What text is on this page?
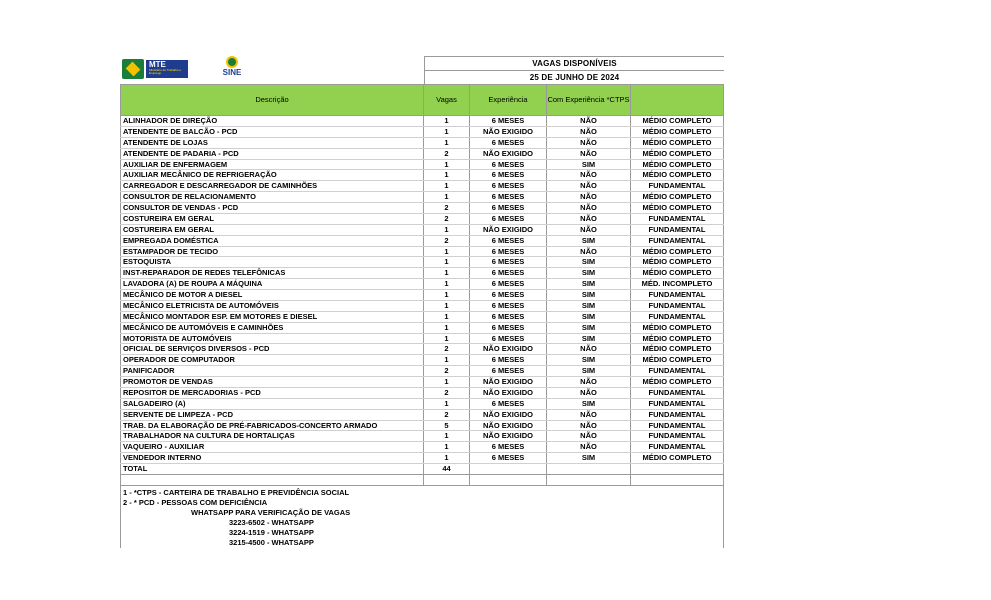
MTE
Ministério do Trabalho e Emprego	SINE
VAGAS DISPONÍVEIS
25 DE JUNHO DE 2024
Descrição	Vagas	Experiência	Com Experiência *CTPS
ALINHADOR DE DIREÇÃO	1	6 MESES	NÃO	MÉDIO COMPLETO
ATENDENTE DE BALCÃO - PCD	1	NÃO EXIGIDO	NÃO	MÉDIO COMPLETO
ATENDENTE DE LOJAS	1	6 MESES	NÃO	MÉDIO COMPLETO
ATENDENTE DE PADARIA - PCD	2	NÃO EXIGIDO	NÃO	MÉDIO COMPLETO
AUXILIAR DE ENFERMAGEM	1	6 MESES	SIM	MÉDIO COMPLETO
AUXILIAR MECÂNICO DE REFRIGERAÇÃO	1	6 MESES	NÃO	MÉDIO COMPLETO
CARREGADOR E DESCARREGADOR DE CAMINHÕES	1	6 MESES	NÃO	FUNDAMENTAL
CONSULTOR DE RELACIONAMENTO	1	6 MESES	NÃO	MÉDIO COMPLETO
CONSULTOR DE VENDAS - PCD	2	6 MESES	NÃO	MÉDIO COMPLETO
COSTUREIRA EM GERAL	2	6 MESES	NÃO	FUNDAMENTAL
COSTUREIRA EM GERAL	1	NÃO EXIGIDO	NÃO	FUNDAMENTAL
EMPREGADA DOMÉSTICA	2	6 MESES	SIM	FUNDAMENTAL
ESTAMPADOR DE TECIDO	1	6 MESES	NÃO	MÉDIO COMPLETO
ESTOQUISTA	1	6 MESES	SIM	MÉDIO COMPLETO
INST-REPARADOR DE REDES TELEFÔNICAS	1	6 MESES	SIM	MÉDIO COMPLETO
LAVADORA (A) DE ROUPA A MÁQUINA	1	6 MESES	SIM	MÉD. INCOMPLETO
MECÂNICO DE MOTOR A DIESEL	1	6 MESES	SIM	FUNDAMENTAL
MECÂNICO ELETRICISTA DE AUTOMÓVEIS	1	6 MESES	SIM	FUNDAMENTAL
MECÂNICO MONTADOR ESP. EM MOTORES E DIESEL	1	6 MESES	SIM	FUNDAMENTAL
MECÂNICO DE AUTOMÓVEIS E CAMINHÕES	1	6 MESES	SIM	MÉDIO COMPLETO
MOTORISTA DE AUTOMÓVEIS	1	6 MESES	SIM	MÉDIO COMPLETO
OFICIAL DE SERVIÇOS DIVERSOS - PCD	2	NÃO EXIGIDO	NÃO	MÉDIO COMPLETO
OPERADOR DE COMPUTADOR	1	6 MESES	SIM	MÉDIO COMPLETO
PANIFICADOR	2	6 MESES	SIM	FUNDAMENTAL
PROMOTOR DE VENDAS	1	NÃO EXIGIDO	NÃO	MÉDIO COMPLETO
REPOSITOR DE MERCADORIAS - PCD	2	NÃO EXIGIDO	NÃO	FUNDAMENTAL
SALGADEIRO (A)	1	6 MESES	SIM	FUNDAMENTAL
SERVENTE DE LIMPEZA - PCD	2	NÃO EXIGIDO	NÃO	FUNDAMENTAL
TRAB. DA ELABORAÇÃO DE PRÉ-FABRICADOS-CONCERTO ARMADO	5	NÃO EXIGIDO	NÃO	FUNDAMENTAL
TRABALHADOR NA CULTURA DE HORTALIÇAS	1	NÃO EXIGIDO	NÃO	FUNDAMENTAL
VAQUEIRO - AUXILIAR	1	6 MESES	NÃO	FUNDAMENTAL
VENDEDOR INTERNO	1	6 MESES	SIM	MÉDIO COMPLETO
TOTAL	44
1 - *CTPS - CARTEIRA DE TRABALHO E PREVIDÊNCIA SOCIAL
2 - * PCD - PESSOAS COM DEFICIÊNCIA
WHATSAPP PARA VERIFICAÇÃO DE VAGAS
3223-6502 - WHATSAPP
3224-1519 - WHATSAPP
3215-4500 - WHATSAPP
